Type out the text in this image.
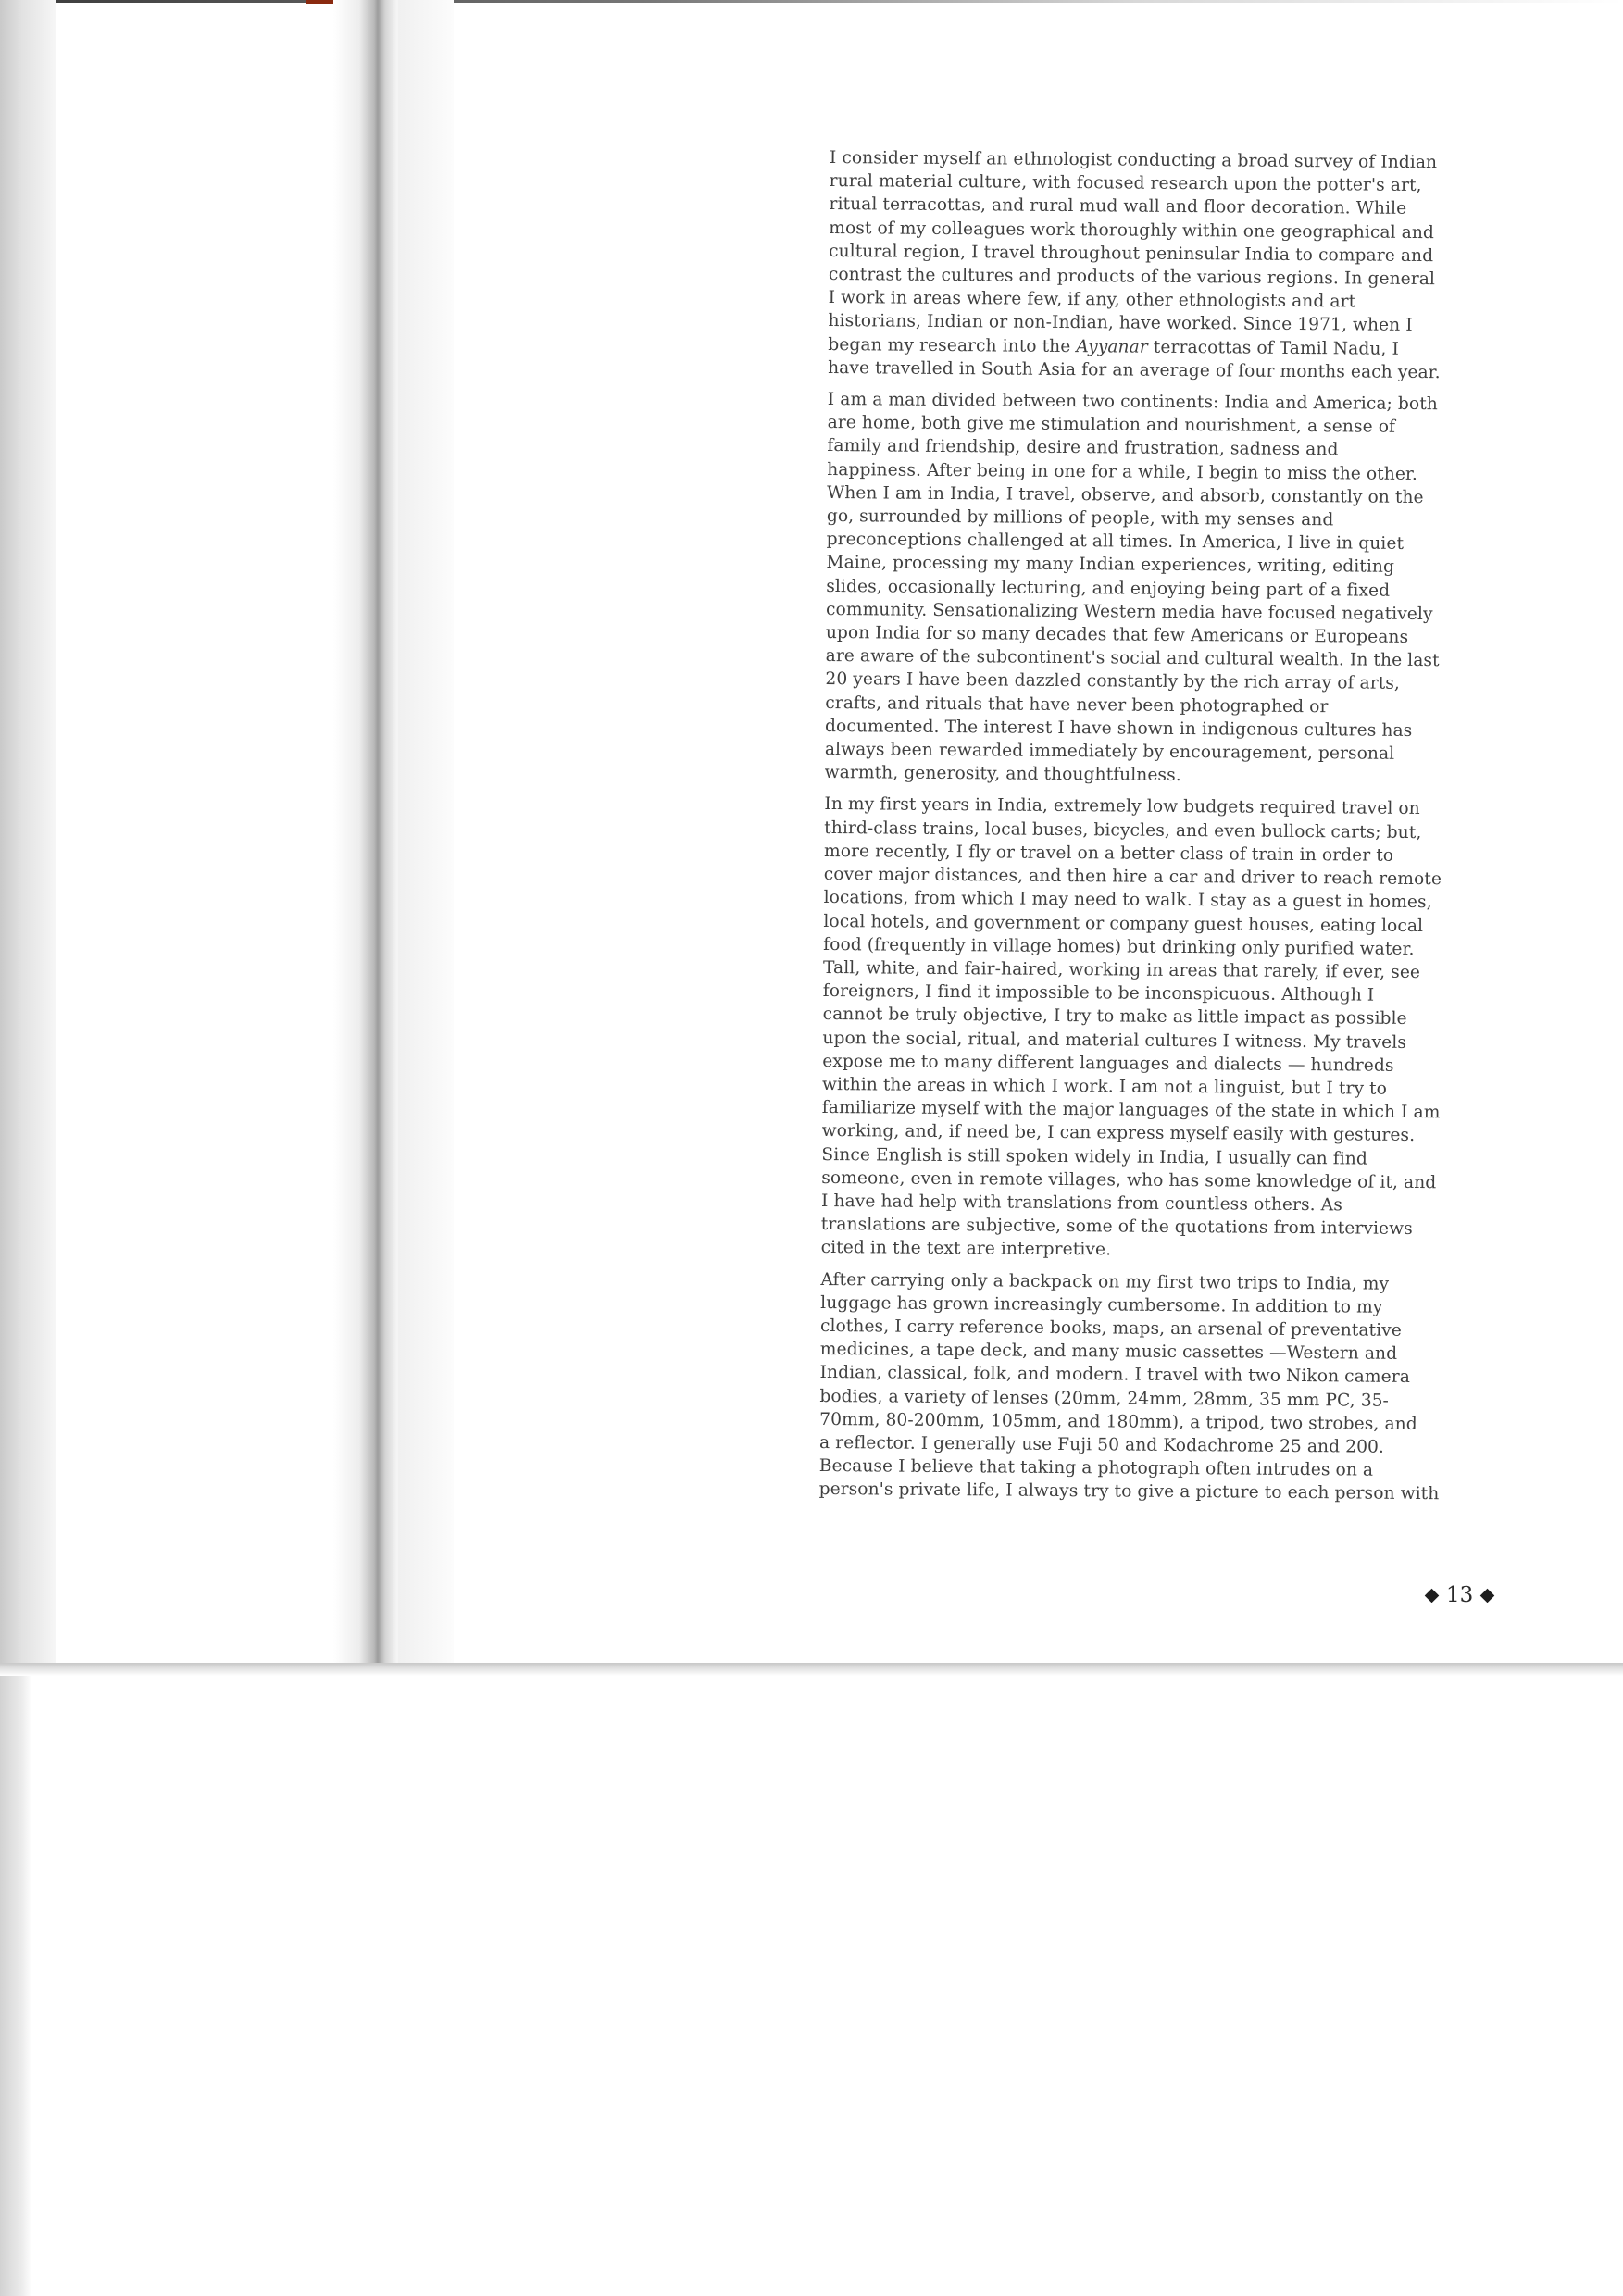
I consider myself an ethnologist conducting a broad survey of Indian
rural material culture, with focused research upon the potter's art,
ritual terracottas, and rural mud wall and floor decoration. While
most of my colleagues work thoroughly within one geographical and
cultural region, I travel throughout peninsular India to compare and
contrast the cultures and products of the various regions. In general
I work in areas where few, if any, other ethnologists and art
historians, Indian or non-Indian, have worked. Since 1971, when I
began my research into the Ayyanar terracottas of Tamil Nadu, I
have travelled in South Asia for an average of four months each year.

I am a man divided between two continents: India and America; both
are home, both give me stimulation and nourishment, a sense of
family and friendship, desire and frustration, sadness and
happiness. After being in one for a while, I begin to miss the other.
When I am in India, I travel, observe, and absorb, constantly on the
go, surrounded by millions of people, with my senses and
preconceptions challenged at all times. In America, I live in quiet
Maine, processing my many Indian experiences, writing, editing
slides, occasionally lecturing, and enjoying being part of a fixed
community. Sensationalizing Western media have focused negatively
upon India for so many decades that few Americans or Europeans
are aware of the subcontinent's social and cultural wealth. In the last
20 years I have been dazzled constantly by the rich array of arts,
crafts, and rituals that have never been photographed or
documented. The interest I have shown in indigenous cultures has
always been rewarded immediately by encouragement, personal
warmth, generosity, and thoughtfulness.

In my first years in India, extremely low budgets required travel on
third-class trains, local buses, bicycles, and even bullock carts; but,
more recently, I fly or travel on a better class of train in order to
cover major distances, and then hire a car and driver to reach remote
locations, from which I may need to walk. I stay as a guest in homes,
local hotels, and government or company guest houses, eating local
food (frequently in village homes) but drinking only purified water.
Tall, white, and fair-haired, working in areas that rarely, if ever, see
foreigners, I find it impossible to be inconspicuous. Although I
cannot be truly objective, I try to make as little impact as possible
upon the social, ritual, and material cultures I witness. My travels
expose me to many different languages and dialects — hundreds
within the areas in which I work. I am not a linguist, but I try to
familiarize myself with the major languages of the state in which I am
working, and, if need be, I can express myself easily with gestures.
Since English is still spoken widely in India, I usually can find
someone, even in remote villages, who has some knowledge of it, and
I have had help with translations from countless others. As
translations are subjective, some of the quotations from interviews
cited in the text are interpretive.

After carrying only a backpack on my first two trips to India, my
luggage has grown increasingly cumbersome. In addition to my
clothes, I carry reference books, maps, an arsenal of preventative
medicines, a tape deck, and many music cassettes —Western and
Indian, classical, folk, and modern. I travel with two Nikon camera
bodies, a variety of lenses (20mm, 24mm, 28mm, 35 mm PC, 35-
70mm, 80-200mm, 105mm, and 180mm), a tripod, two strobes, and
a reflector. I generally use Fuji 50 and Kodachrome 25 and 200.
Because I believe that taking a photograph often intrudes on a
person's private life, I always try to give a picture to each person with

13
